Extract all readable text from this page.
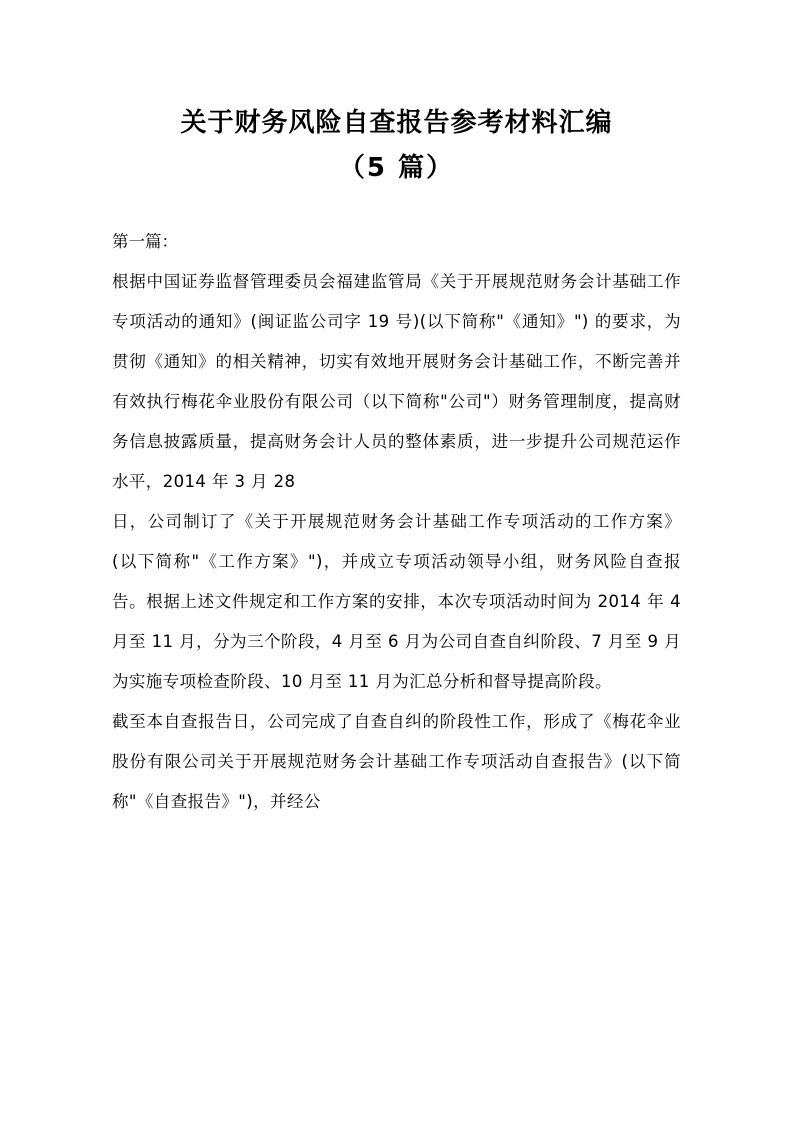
关于财务风险自查报告参考材料汇编
（5 篇）
第一篇：

根据中国证券监督管理委员会福建监管局《关于开展规范财务会计基础工作专项活动的通知》(闽证监公司字 19 号)(以下简称"《通知》") 的要求，为贯彻《通知》的相关精神，切实有效地开展财务会计基础工作，不断完善并有效执行梅花伞业股份有限公司（以下简称"公司"）财务管理制度，提高财务信息披露质量，提高财务会计人员的整体素质，进一步提升公司规范运作水平，2014 年 3 月 28

日，公司制订了《关于开展规范财务会计基础工作专项活动的工作方案》 (以下简称"《工作方案》")，并成立专项活动领导小组，财务风险自查报告。根据上述文件规定和工作方案的安排，本次专项活动时间为 2014 年 4 月至 11 月，分为三个阶段，4 月至 6 月为公司自查自纠阶段、7 月至 9 月为实施专项检查阶段、10 月至 11 月为汇总分析和督导提高阶段。

截至本自查报告日，公司完成了自查自纠的阶段性工作，形成了《梅花伞业股份有限公司关于开展规范财务会计基础工作专项活动自查报告》(以下简称"《自查报告》")，并经公
